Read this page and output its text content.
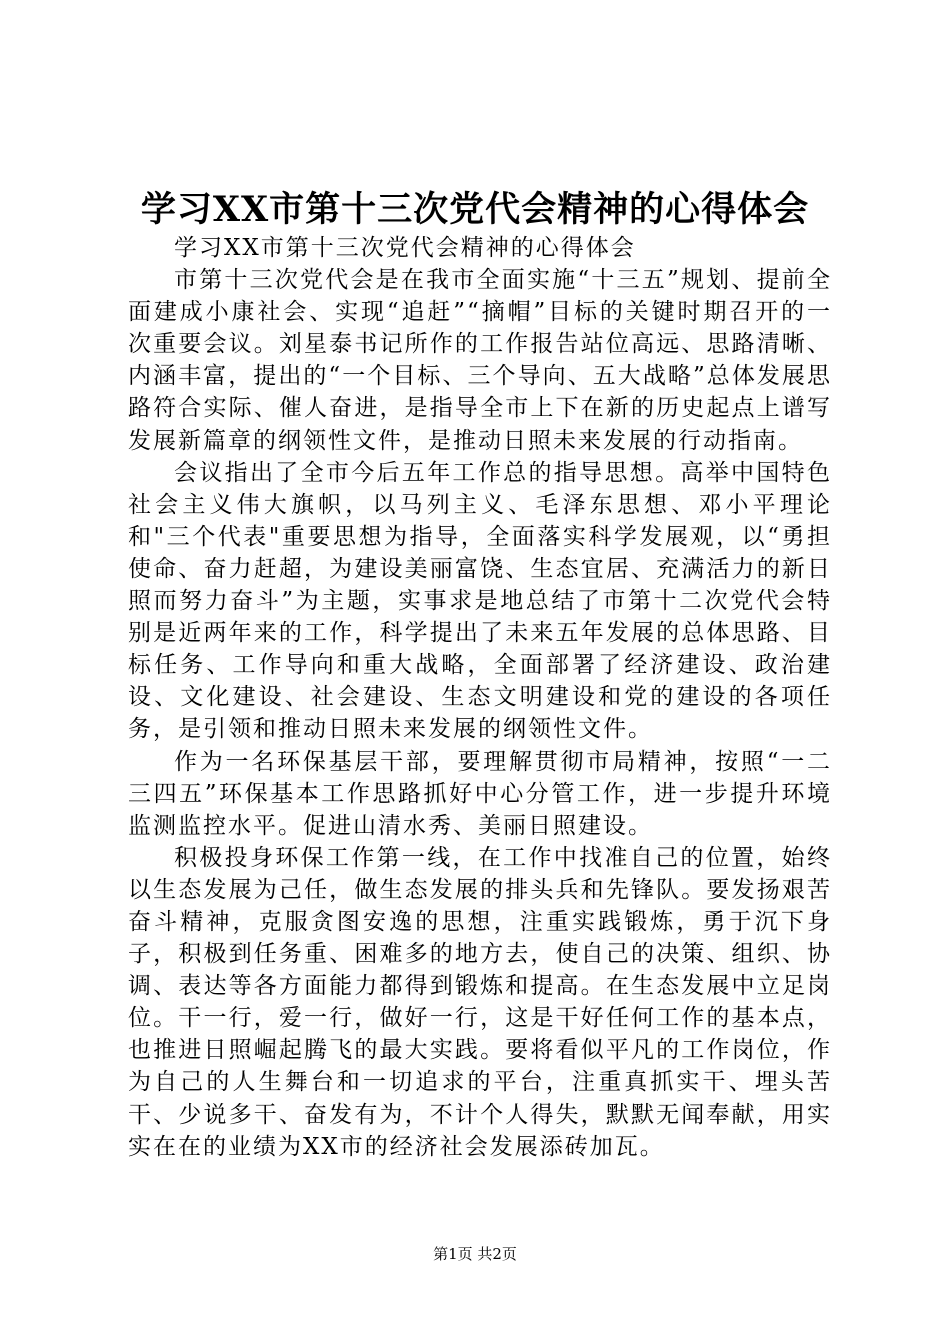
学习XX市第十三次党代会精神的心得体会

学习XX市第十三次党代会精神的心得体会

市第十三次党代会是在我市全面实施“十三五”规划、提前全面建成小康社会、实现“追赶”“摘帽”目标的关键时期召开的一次重要会议。刘星泰书记所作的工作报告站位高远、思路清晰、内涵丰富，提出的“一个目标、三个导向、五大战略”总体发展思路符合实际、催人奋进，是指导全市上下在新的历史起点上谱写发展新篇章的纲领性文件，是推动日照未来发展的行动指南。

会议指出了全市今后五年工作总的指导思想。高举中国特色社会主义伟大旗帜，以马列主义、毛泽东思想、邓小平理论和"三个代表"重要思想为指导，全面落实科学发展观，以“勇担使命、奋力赶超，为建设美丽富饶、生态宜居、充满活力的新日照而努力奋斗”为主题，实事求是地总结了市第十二次党代会特别是近两年来的工作，科学提出了未来五年发展的总体思路、目标任务、工作导向和重大战略，全面部署了经济建设、政治建设、文化建设、社会建设、生态文明建设和党的建设的各项任务，是引领和推动日照未来发展的纲领性文件。

作为一名环保基层干部，要理解贯彻市局精神，按照“一二三四五”环保基本工作思路抓好中心分管工作，进一步提升环境监测监控水平。促进山清水秀、美丽日照建设。

积极投身环保工作第一线，在工作中找准自己的位置，始终以生态发展为己任，做生态发展的排头兵和先锋队。要发扬艰苦奋斗精神，克服贪图安逸的思想，注重实践锻炼，勇于沉下身子，积极到任务重、困难多的地方去，使自己的决策、组织、协调、表达等各方面能力都得到锻炼和提高。在生态发展中立足岗位。干一行，爱一行，做好一行，这是干好任何工作的基本点，也推进日照崛起腾飞的最大实践。要将看似平凡的工作岗位，作为自己的人生舞台和一切追求的平台，注重真抓实干、埋头苦干、少说多干、奋发有为，不计个人得失，默默无闻奉献，用实实在在的业绩为XX市的经济社会发展添砖加瓦。

第1页 共2页
